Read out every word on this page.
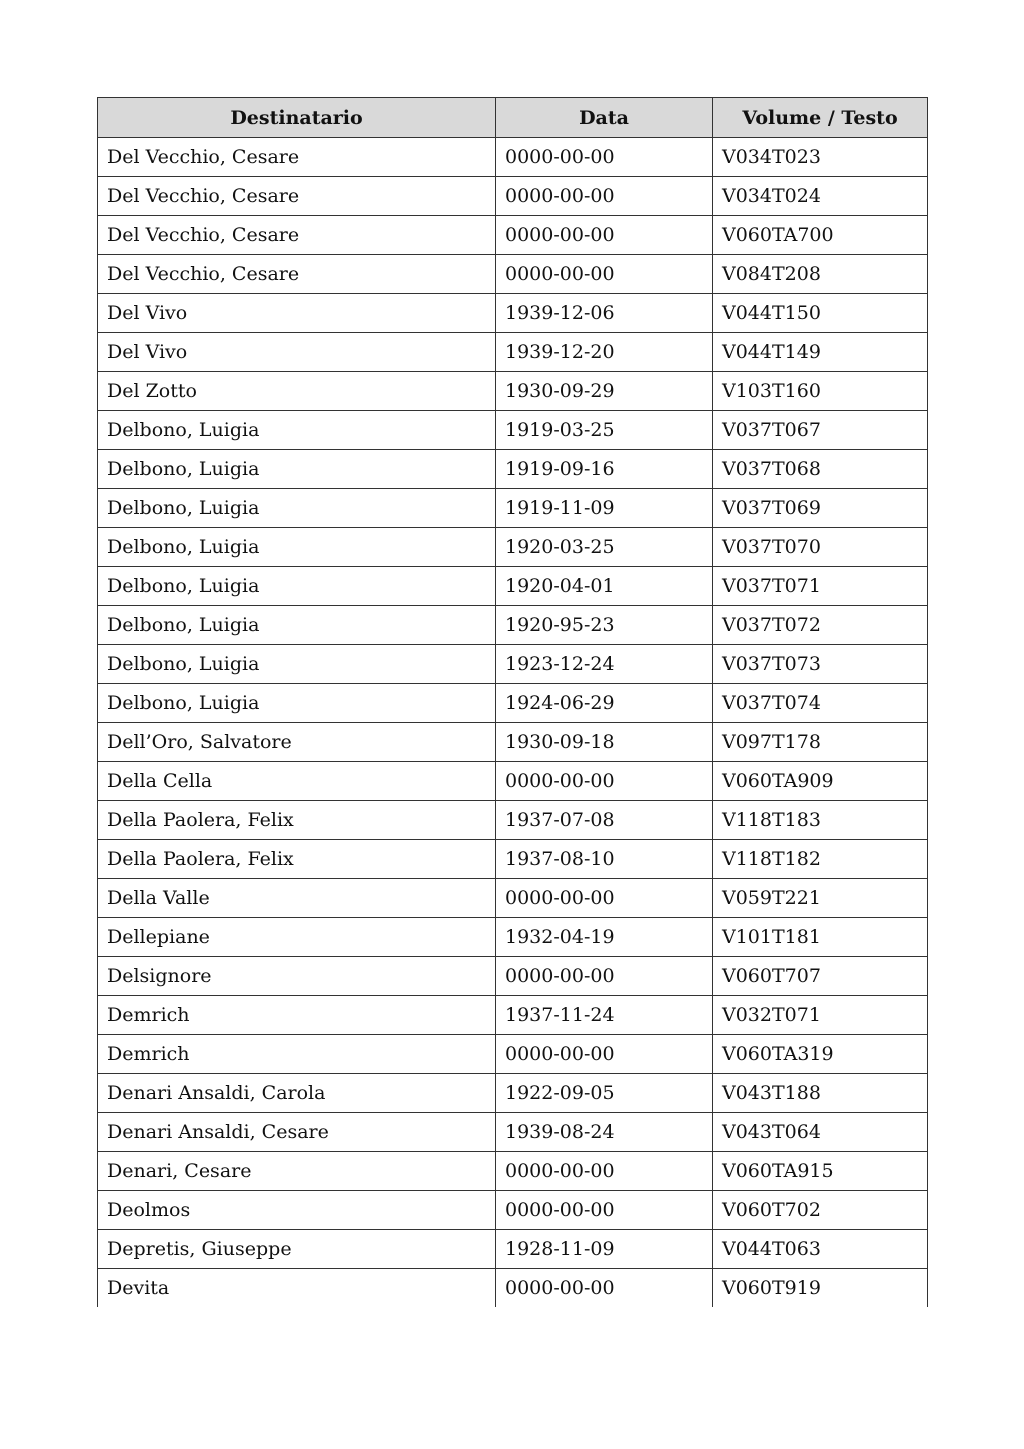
Destinatario	Data	Volume / Testo
Del Vecchio, Cesare	0000-00-00	V034T023
Del Vecchio, Cesare	0000-00-00	V034T024
Del Vecchio, Cesare	0000-00-00	V060TA700
Del Vecchio, Cesare	0000-00-00	V084T208
Del Vivo	1939-12-06	V044T150
Del Vivo	1939-12-20	V044T149
Del Zotto	1930-09-29	V103T160
Delbono, Luigia	1919-03-25	V037T067
Delbono, Luigia	1919-09-16	V037T068
Delbono, Luigia	1919-11-09	V037T069
Delbono, Luigia	1920-03-25	V037T070
Delbono, Luigia	1920-04-01	V037T071
Delbono, Luigia	1920-95-23	V037T072
Delbono, Luigia	1923-12-24	V037T073
Delbono, Luigia	1924-06-29	V037T074
Dell’Oro, Salvatore	1930-09-18	V097T178
Della Cella	0000-00-00	V060TA909
Della Paolera, Felix	1937-07-08	V118T183
Della Paolera, Felix	1937-08-10	V118T182
Della Valle	0000-00-00	V059T221
Dellepiane	1932-04-19	V101T181
Delsignore	0000-00-00	V060T707
Demrich	1937-11-24	V032T071
Demrich	0000-00-00	V060TA319
Denari Ansaldi, Carola	1922-09-05	V043T188
Denari Ansaldi, Cesare	1939-08-24	V043T064
Denari, Cesare	0000-00-00	V060TA915
Deolmos	0000-00-00	V060T702
Depretis, Giuseppe	1928-11-09	V044T063
Devita	0000-00-00	V060T919
